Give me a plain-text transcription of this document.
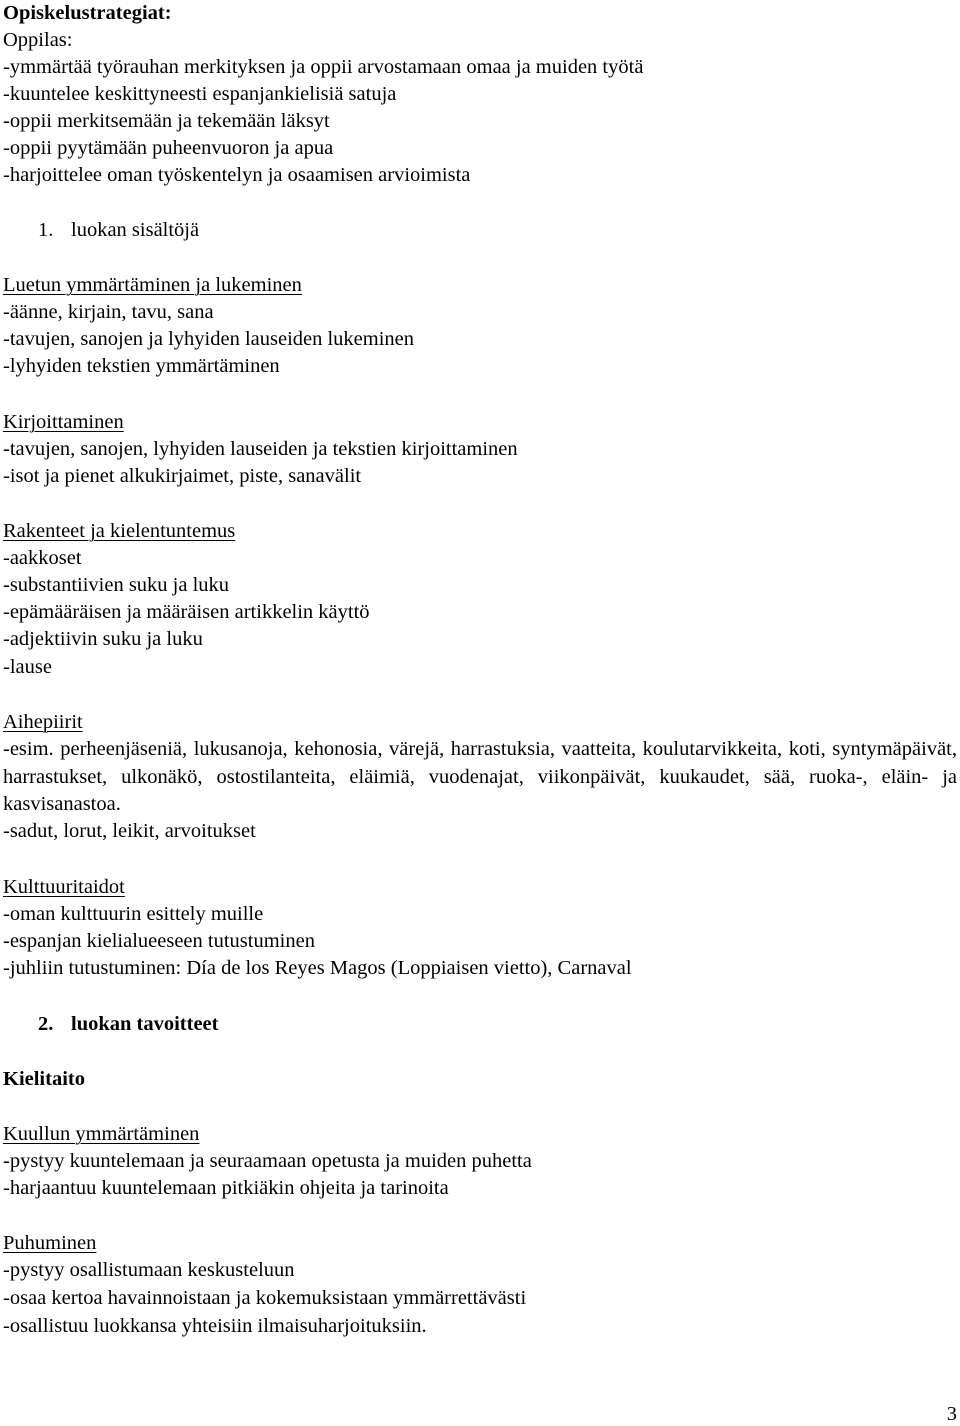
Opiskelustrategiat:
Oppilas:
-ymmärtää työrauhan merkityksen ja oppii arvostamaan omaa ja muiden työtä
-kuuntelee keskittyneesti espanjankielisiä satuja
-oppii merkitsemään ja tekemään läksyt
-oppii pyytämään puheenvuoron ja apua
-harjoittelee oman työskentelyn ja osaamisen arvioimista
1. luokan sisältöjä
Luetun ymmärtäminen ja lukeminen
-äänne, kirjain, tavu, sana
-tavujen, sanojen ja lyhyiden lauseiden lukeminen
-lyhyiden tekstien ymmärtäminen
Kirjoittaminen
-tavujen, sanojen, lyhyiden lauseiden ja tekstien kirjoittaminen
-isot ja pienet alkukirjaimet, piste, sanavälit
Rakenteet ja kielentuntemus
-aakkoset
-substantiivien suku ja luku
-epämääräisen ja määräisen artikkelin käyttö
-adjektiivin suku ja luku
-lause
Aihepiirit
-esim. perheenjäseniä, lukusanoja, kehonosia, värejä, harrastuksia, vaatteita, koulutarvikkeita, koti, syntymäpäivät, harrastukset, ulkonäkö, ostostilanteita, eläimiä, vuodenajat, viikonpäivät, kuukaudet, sää, ruoka-, eläin- ja kasvisanastoa.
-sadut, lorut, leikit, arvoitukset
Kulttuuritaidot
-oman kulttuurin esittely muille
-espanjan kielialueeseen tutustuminen
-juhliin tutustuminen: Día de los Reyes Magos (Loppiaisen vietto), Carnaval
2. luokan tavoitteet
Kielitaito
Kuullun ymmärtäminen
-pystyy kuuntelemaan ja seuraamaan opetusta ja muiden puhetta
-harjaantuu kuuntelemaan pitkiäkin ohjeita ja tarinoita
Puhuminen
-pystyy osallistumaan keskusteluun
-osaa kertoa havainnoistaan ja kokemuksistaan ymmärrettävästi
-osallistuu luokkansa yhteisiin ilmaisuharjoituksiin.
3
